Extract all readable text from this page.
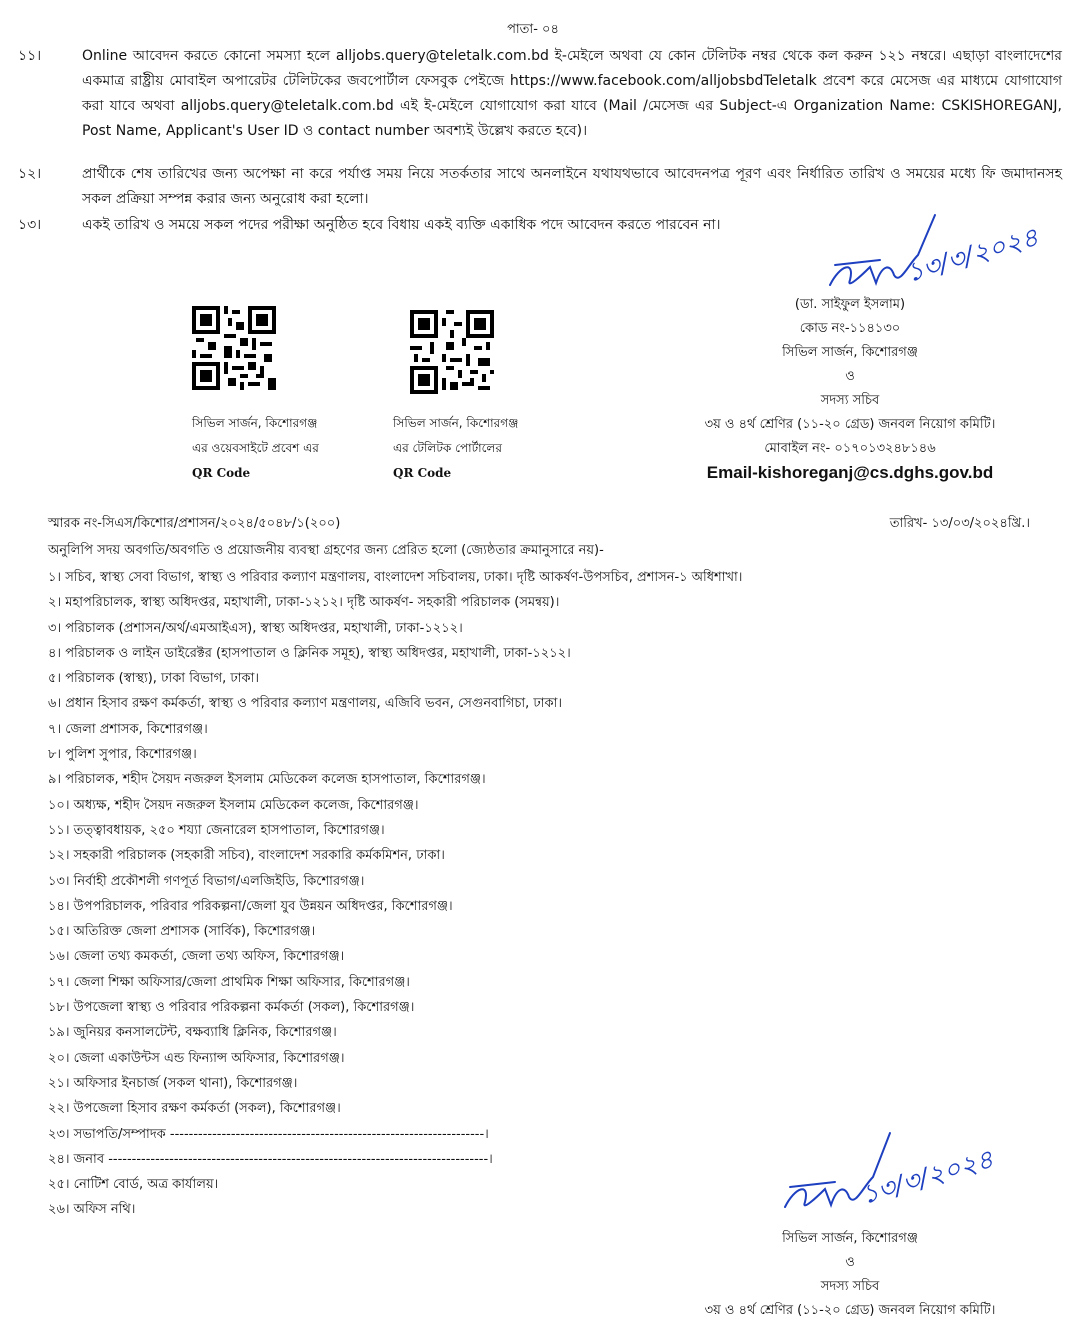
পাতা- ০৪
১১।	Online আবেদন করতে কোনো সমস্যা হলে alljobs.query@teletalk.com.bd ই-মেইলে অথবা যে কোন টেলিটক নম্বর থেকে কল করুন ১২১ নম্বরে। এছাড়া বাংলাদেশের একমাত্র রাষ্ট্রীয় মোবাইল অপারেটর টেলিটকের জবপোর্টাল ফেসবুক পেইজে https://www.facebook.com/alljobsbdTeletalk প্রবেশ করে মেসেজ এর মাধ্যমে যোগাযোগ করা যাবে অথবা alljobs.query@teletalk.com.bd এই ই-মেইলে যোগাযোগ করা যাবে (Mail /মেসেজ এর Subject-এ Organization Name: CSKISHOREGANJ, Post Name, Applicant's User ID ও contact number অবশ্যই উল্লেখ করতে হবে)।
১২।	প্রার্থীকে শেষ তারিখের জন্য অপেক্ষা না করে পর্যাপ্ত সময় নিয়ে সতর্কতার সাথে অনলাইনে যথাযথভাবে আবেদনপত্র পূরণ এবং নির্ধারিত তারিখ ও সময়ের মধ্যে ফি জমাদানসহ সকল প্রক্রিয়া সম্পন্ন করার জন্য অনুরোধ করা হলো।
১৩।	একই তারিখ ও সময়ে সকল পদের পরীক্ষা অনুষ্ঠিত হবে বিধায় একই ব্যক্তি একাধিক পদে আবেদন করতে পারবেন না।
সিভিল সার্জন, কিশোরগঞ্জ
এর ওয়েবসাইটে প্রবেশ এর
QR Code
সিভিল সার্জন, কিশোরগঞ্জ
এর টেলিটক পোর্টালের
QR Code
১৩/৩/২০২৪
(ডা. সাইফুল ইসলাম)
কোড নং-১১৪১৩০
সিভিল সার্জন, কিশোরগঞ্জ
ও
সদস্য সচিব
৩য় ও ৪র্থ শ্রেণির (১১-২০ গ্রেড) জনবল নিয়োগ কমিটি।
মোবাইল নং- ০১৭০১৩২৪৮১৪৬
Email-kishoreganj@cs.dghs.gov.bd
স্মারক নং-সিএস/কিশোর/প্রশাসন/২০২৪/৫০৪৮/১(২০০)	তারিখ- ১৩/০৩/২০২৪খ্রি.।
অনুলিপি সদয় অবগতি/অবগতি ও প্রয়োজনীয় ব্যবস্থা গ্রহণের জন্য প্রেরিত হলো (জ্যেষ্ঠতার ক্রমানুসারে নয়)-
১। সচিব, স্বাস্থ্য সেবা বিভাগ, স্বাস্থ্য ও পরিবার কল্যাণ মন্ত্রণালয়, বাংলাদেশ সচিবালয়, ঢাকা। দৃষ্টি আকর্ষণ-উপসচিব, প্রশাসন-১ অধিশাখা।
২। মহাপরিচালক, স্বাস্থ্য অধিদপ্তর, মহাখালী, ঢাকা-১২১২। দৃষ্টি আকর্ষণ- সহকারী পরিচালক (সমন্বয়)।
৩। পরিচালক (প্রশাসন/অর্থ/এমআইএস), স্বাস্থ্য অধিদপ্তর, মহাখালী, ঢাকা-১২১২।
৪। পরিচালক ও লাইন ডাইরেক্টর (হাসপাতাল ও ক্লিনিক সমূহ), স্বাস্থ্য অধিদপ্তর, মহাখালী, ঢাকা-১২১২।
৫। পরিচালক (স্বাস্থ্য), ঢাকা বিভাগ, ঢাকা।
৬। প্রধান হিসাব রক্ষণ কর্মকর্তা, স্বাস্থ্য ও পরিবার কল্যাণ মন্ত্রণালয়, এজিবি ভবন, সেগুনবাগিচা, ঢাকা।
৭। জেলা প্রশাসক, কিশোরগঞ্জ।
৮। পুলিশ সুপার, কিশোরগঞ্জ।
৯। পরিচালক, শহীদ সৈয়দ নজরুল ইসলাম মেডিকেল কলেজ হাসপাতাল, কিশোরগঞ্জ।
১০। অধ্যক্ষ, শহীদ সৈয়দ নজরুল ইসলাম মেডিকেল কলেজ, কিশোরগঞ্জ।
১১। তত্ত্বাবধায়ক, ২৫০ শয্যা জেনারেল হাসপাতাল, কিশোরগঞ্জ।
১২। সহকারী পরিচালক (সহকারী সচিব), বাংলাদেশ সরকারি কর্মকমিশন, ঢাকা।
১৩। নির্বাহী প্রকৌশলী গণপূর্ত বিভাগ/এলজিইডি, কিশোরগঞ্জ।
১৪। উপপরিচালক, পরিবার পরিকল্পনা/জেলা যুব উন্নয়ন অধিদপ্তর, কিশোরগঞ্জ।
১৫। অতিরিক্ত জেলা প্রশাসক (সার্বিক), কিশোরগঞ্জ।
১৬। জেলা তথ্য কমকর্তা, জেলা তথ্য অফিস, কিশোরগঞ্জ।
১৭। জেলা শিক্ষা অফিসার/জেলা প্রাথমিক শিক্ষা অফিসার, কিশোরগঞ্জ।
১৮। উপজেলা স্বাস্থ্য ও পরিবার পরিকল্পনা কর্মকর্তা (সকল), কিশোরগঞ্জ।
১৯। জুনিয়র কনসালটেন্ট, বক্ষব্যাধি ক্লিনিক, কিশোরগঞ্জ।
২০। জেলা একাউন্টস এন্ড ফিন্যান্স অফিসার, কিশোরগঞ্জ।
২১। অফিসার ইনচার্জ (সকল থানা), কিশোরগঞ্জ।
২২। উপজেলা হিসাব রক্ষণ কর্মকর্তা (সকল), কিশোরগঞ্জ।
২৩। সভাপতি/সম্পাদক -------------------------------------------------------------------।
২৪। জনাব ---------------------------------------------------------------------------------।
২৫। নোটিশ বোর্ড, অত্র কার্যালয়।
২৬। অফিস নথি।	১৩/৩/২০২৪
সিভিল সার্জন, কিশোরগঞ্জ
ও
সদস্য সচিব
৩য় ও ৪র্থ শ্রেণির (১১-২০ গ্রেড) জনবল নিয়োগ কমিটি।
